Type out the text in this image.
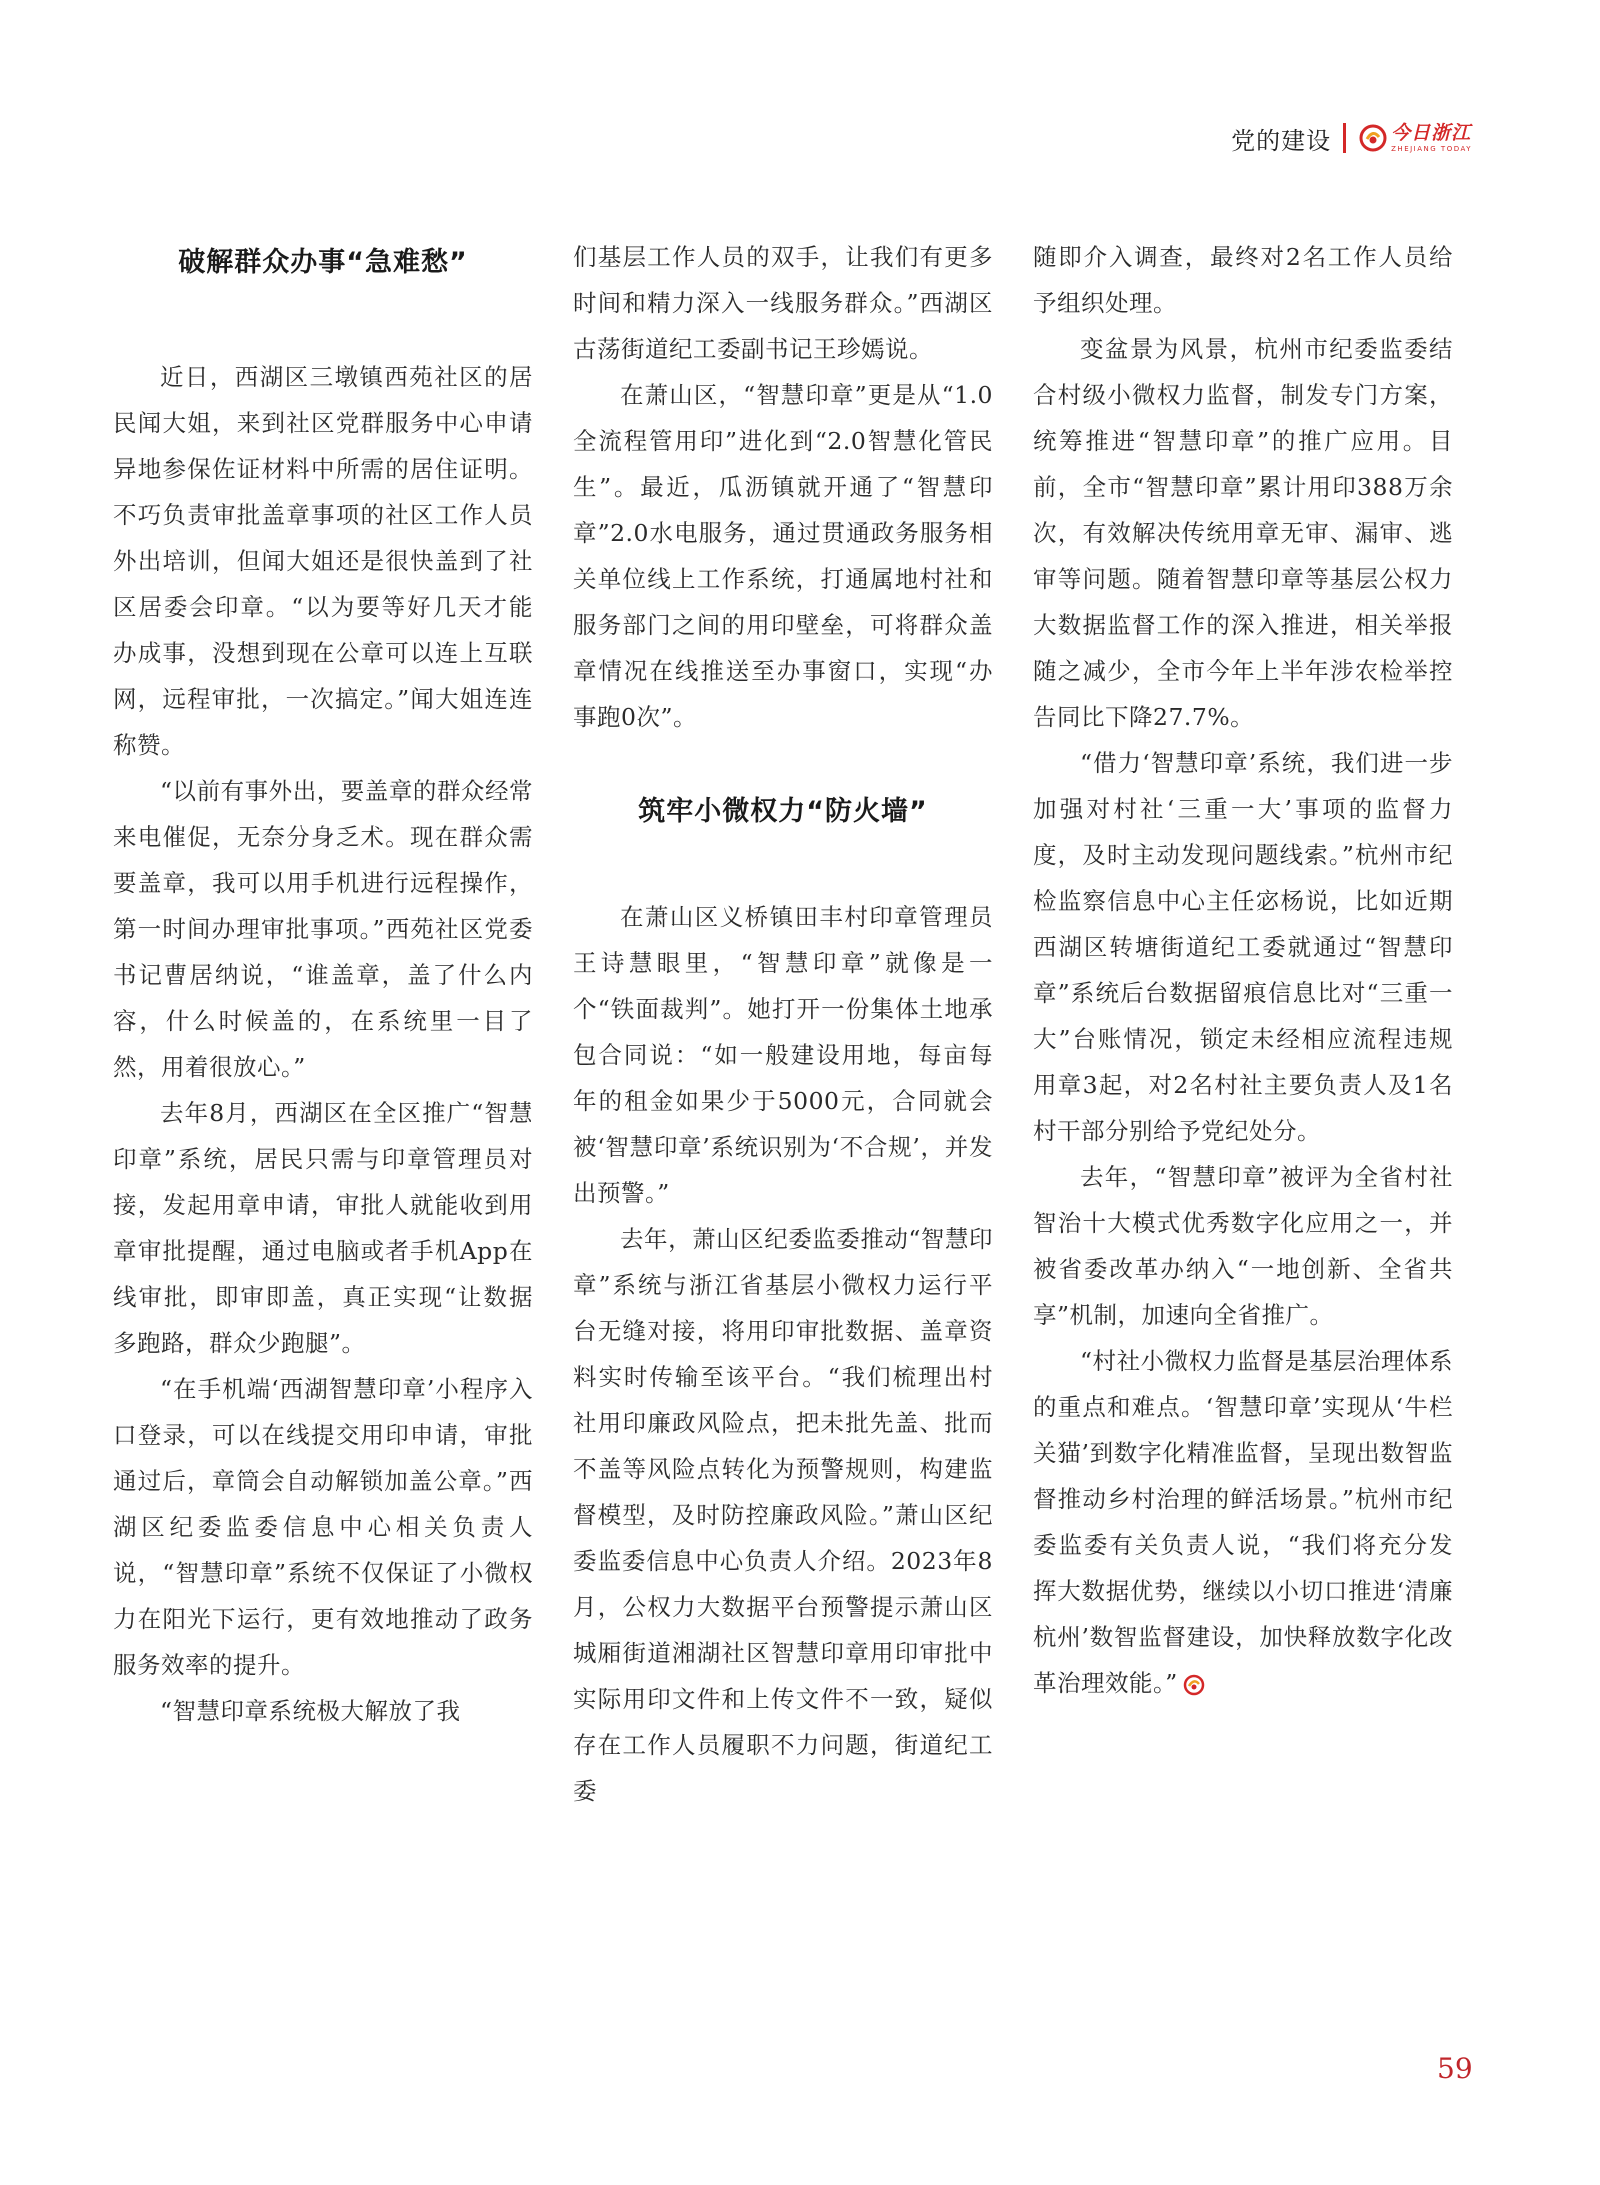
党的建设	今日浙江
ZHEJIANG TODAY
破解群众办事“急难愁”

近日，西湖区三墩镇西苑社区的居民闻大姐，来到社区党群服务中心申请异地参保佐证材料中所需的居住证明。不巧负责审批盖章事项的社区工作人员外出培训，但闻大姐还是很快盖到了社区居委会印章。“以为要等好几天才能办成事，没想到现在公章可以连上互联网，远程审批，一次搞定。”闻大姐连连称赞。

“以前有事外出，要盖章的群众经常来电催促，无奈分身乏术。现在群众需要盖章，我可以用手机进行远程操作，第一时间办理审批事项。”西苑社区党委书记曹居纳说，“谁盖章，盖了什么内容，什么时候盖的，在系统里一目了然，用着很放心。”

去年8月，西湖区在全区推广“智慧印章”系统，居民只需与印章管理员对接，发起用章申请，审批人就能收到用章审批提醒，通过电脑或者手机App在线审批，即审即盖，真正实现“让数据多跑路，群众少跑腿”。

“在手机端‘西湖智慧印章’小程序入口登录，可以在线提交用印申请，审批通过后，章筒会自动解锁加盖公章。”西湖区纪委监委信息中心相关负责人说，“智慧印章”系统不仅保证了小微权力在阳光下运行，更有效地推动了政务服务效率的提升。

“智慧印章系统极大解放了我

们基层工作人员的双手，让我们有更多时间和精力深入一线服务群众。”西湖区古荡街道纪工委副书记王珍嫣说。

在萧山区，“智慧印章”更是从“1.0全流程管用印”进化到“2.0智慧化管民生”。最近，瓜沥镇就开通了“智慧印章”2.0水电服务，通过贯通政务服务相关单位线上工作系统，打通属地村社和服务部门之间的用印壁垒，可将群众盖章情况在线推送至办事窗口，实现“办事跑0次”。

筑牢小微权力“防火墙”

在萧山区义桥镇田丰村印章管理员王诗慧眼里，“智慧印章”就像是一个“铁面裁判”。她打开一份集体土地承包合同说：“如一般建设用地，每亩每年的租金如果少于5000元，合同就会被‘智慧印章’系统识别为‘不合规’，并发出预警。”

去年，萧山区纪委监委推动“智慧印章”系统与浙江省基层小微权力运行平台无缝对接，将用印审批数据、盖章资料实时传输至该平台。“我们梳理出村社用印廉政风险点，把未批先盖、批而不盖等风险点转化为预警规则，构建监督模型，及时防控廉政风险。”萧山区纪委监委信息中心负责人介绍。2023年8月，公权力大数据平台预警提示萧山区城厢街道湘湖社区智慧印章用印审批中实际用印文件和上传文件不一致，疑似存在工作人员履职不力问题，街道纪工委

随即介入调查，最终对2名工作人员给予组织处理。

变盆景为风景，杭州市纪委监委结合村级小微权力监督，制发专门方案，统筹推进“智慧印章”的推广应用。目前，全市“智慧印章”累计用印388万余次，有效解决传统用章无审、漏审、逃审等问题。随着智慧印章等基层公权力大数据监督工作的深入推进，相关举报随之减少，全市今年上半年涉农检举控告同比下降27.7%。

“借力‘智慧印章’系统，我们进一步加强对村社‘三重一大’事项的监督力度，及时主动发现问题线索。”杭州市纪检监察信息中心主任宓杨说，比如近期西湖区转塘街道纪工委就通过“智慧印章”系统后台数据留痕信息比对“三重一大”台账情况，锁定未经相应流程违规用章3起，对2名村社主要负责人及1名村干部分别给予党纪处分。

去年，“智慧印章”被评为全省村社智治十大模式优秀数字化应用之一，并被省委改革办纳入“一地创新、全省共享”机制，加速向全省推广。

“村社小微权力监督是基层治理体系的重点和难点。‘智慧印章’实现从‘牛栏关猫’到数字化精准监督，呈现出数智监督推动乡村治理的鲜活场景。”杭州市纪委监委有关负责人说，“我们将充分发挥大数据优势，继续以小切口推进‘清廉杭州’数智监督建设，加快释放数字化改革治理效能。”

59
